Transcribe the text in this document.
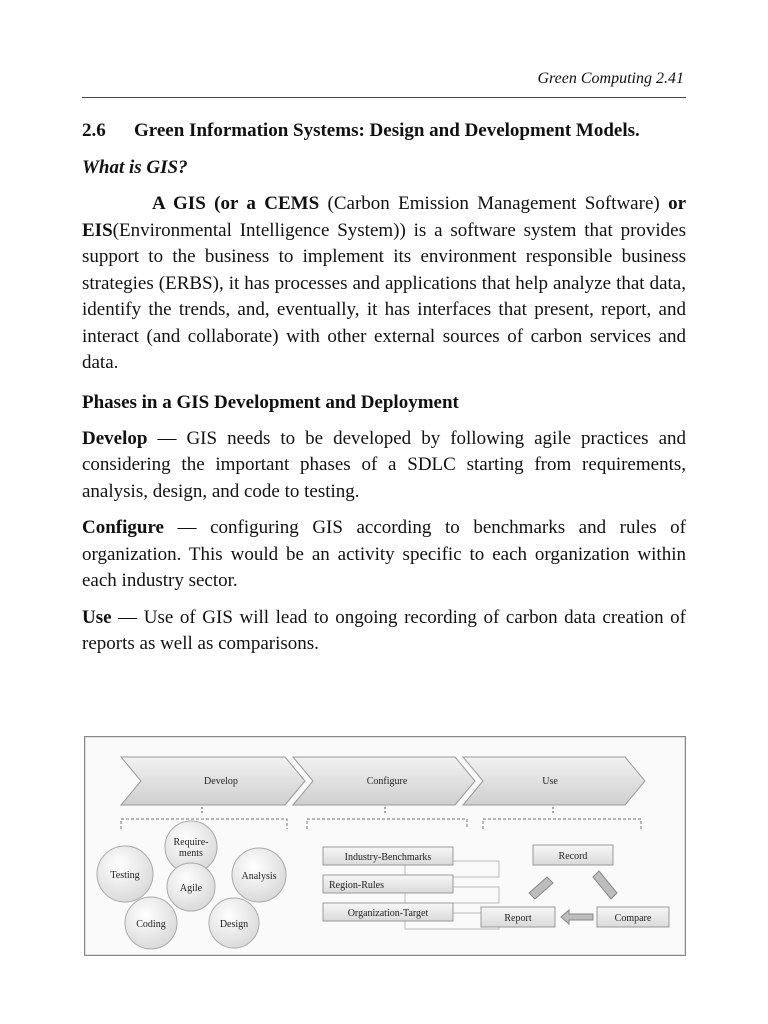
Green Computing 2.41
2.6	Green Information Systems: Design and Development Models.
What is GIS?

A GIS (or a CEMS (Carbon Emission Management Software) or EIS(Environmental Intelligence System)) is a software system that provides support to the business to implement its environment responsible business strategies (ERBS), it has processes and applications that help analyze that data, identify the trends, and, eventually, it has interfaces that present, report, and interact (and collaborate) with other external sources of carbon services and data.

Phases in a GIS Development and Deployment

Develop — GIS needs to be developed by following agile practices and considering the important phases of a SDLC starting from requirements, analysis, design, and code to testing.

Configure — configuring GIS according to benchmarks and rules of organization. This would be an activity specific to each organization within each industry sector.

Use — Use of GIS will lead to ongoing recording of carbon data creation of reports as well as comparisons.

Develop	Configure	Use
Require-
ments
Testing
Agile
Analysis
Coding	Design
Industry-Benchmarks
Region-Rules
Organization-Target
Record
Report	Compare
